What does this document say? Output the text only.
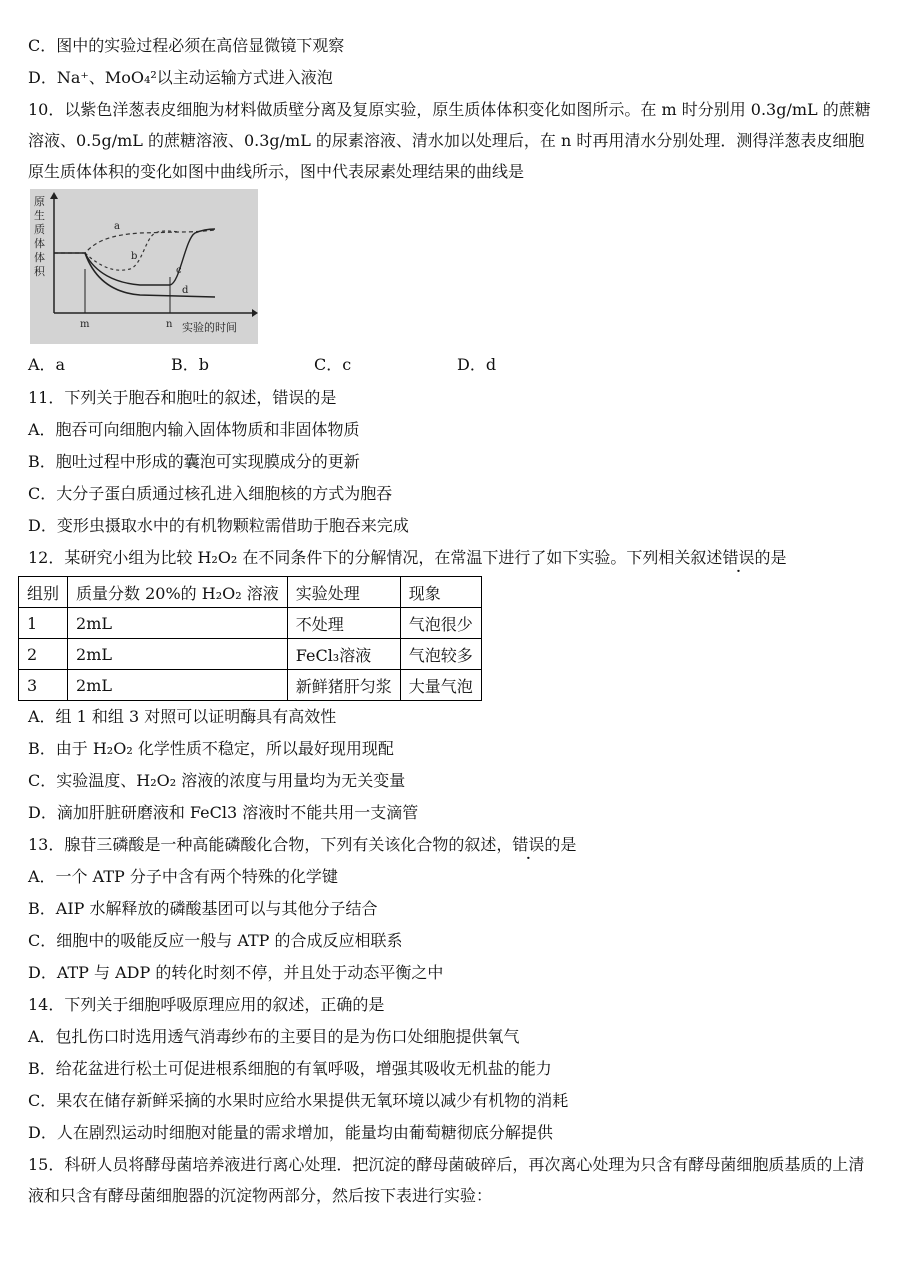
C．图中的实验过程必须在高倍显微镜下观察
D．Na⁺、MoO₄²以主动运输方式进入液泡
10．以紫色洋葱表皮细胞为材料做质壁分离及复原实验，原生质体体积变化如图所示。在 m 时分别用 0.3g/mL 的蔗糖溶液、0.5g/mL 的蔗糖溶液、0.3g/mL 的尿素溶液、清水加以处理后，在 n 时再用清水分别处理．测得洋葱表皮细胞原生质体体积的变化如图中曲线所示，图中代表尿素处理结果的曲线是
原生质体体积
a
b
c
d
m	n 实验的时间
A．a	B．b	C．c	D．d
11．下列关于胞吞和胞吐的叙述，错误的是
A．胞吞可向细胞内输入固体物质和非固体物质
B．胞吐过程中形成的囊泡可实现膜成分的更新
C．大分子蛋白质通过核孔进入细胞核的方式为胞吞
D．变形虫摄取水中的有机物颗粒需借助于胞吞来完成
12．某研究小组为比较 H₂O₂ 在不同条件下的分解情况，在常温下进行了如下实验。下列相关叙述错误的是
组别	质量分数 20%的 H₂O₂ 溶液	实验处理	现象
1	2mL	不处理	气泡很少
2	2mL	FeCl₃溶液	气泡较多
3	2mL	新鲜猪肝匀浆	大量气泡
A．组 1 和组 3 对照可以证明酶具有高效性
B．由于 H₂O₂ 化学性质不稳定，所以最好现用现配
C．实验温度、H₂O₂ 溶液的浓度与用量均为无关变量
D．滴加肝脏研磨液和 FeCl3 溶液时不能共用一支滴管
13．腺苷三磷酸是一种高能磷酸化合物，下列有关该化合物的叙述，错误的是
A．一个 ATP 分子中含有两个特殊的化学键
B．AIP 水解释放的磷酸基团可以与其他分子结合
C．细胞中的吸能反应一般与 ATP 的合成反应相联系
D．ATP 与 ADP 的转化时刻不停，并且处于动态平衡之中
14．下列关于细胞呼吸原理应用的叙述，正确的是
A．包扎伤口时选用透气消毒纱布的主要目的是为伤口处细胞提供氧气
B．给花盆进行松土可促进根系细胞的有氧呼吸，增强其吸收无机盐的能力
C．果农在储存新鲜采摘的水果时应给水果提供无氧环境以减少有机物的消耗
D．人在剧烈运动时细胞对能量的需求增加，能量均由葡萄糖彻底分解提供
15．科研人员将酵母菌培养液进行离心处理．把沉淀的酵母菌破碎后，再次离心处理为只含有酵母菌细胞质基质的上清液和只含有酵母菌细胞器的沉淀物两部分，然后按下表进行实验：
